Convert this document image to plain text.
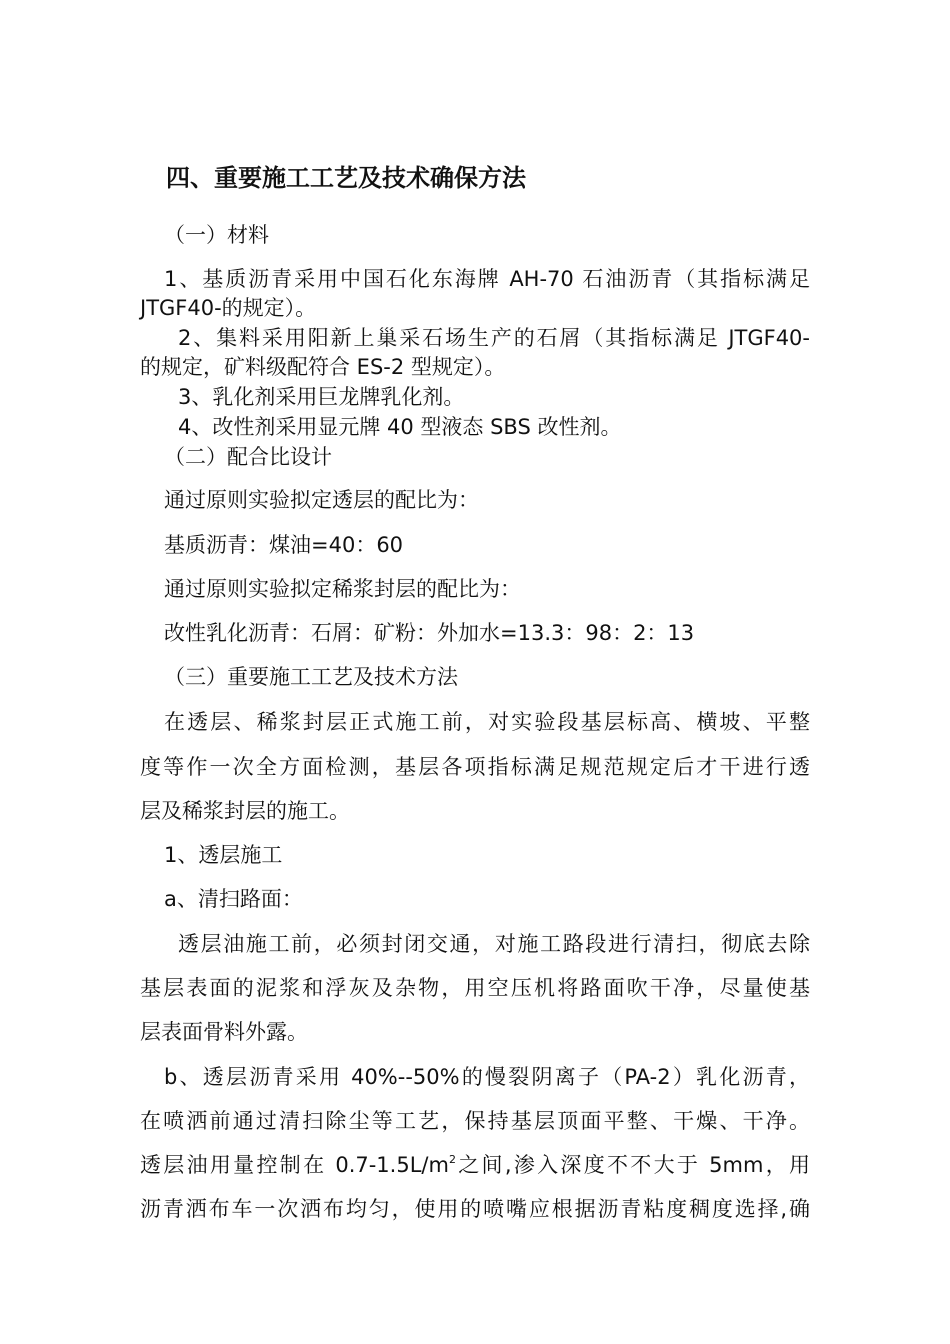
四、重要施工工艺及技术确保方法

（一）材料

1、基质沥青采用中国石化东海牌 AH-70 石油沥青（其指标满足

JTGF40-的规定）。

2、集料采用阳新上巢采石场生产的石屑（其指标满足 JTGF40-

的规定，矿料级配符合 ES-2 型规定）。

3、乳化剂采用巨龙牌乳化剂。

4、改性剂采用显元牌 40 型液态 SBS 改性剂。

（二）配合比设计

通过原则实验拟定透层的配比为：

基质沥青：煤油=40：60

通过原则实验拟定稀浆封层的配比为：

改性乳化沥青：石屑：矿粉：外加水=13.3：98：2：13

（三）重要施工工艺及技术方法

在透层、稀浆封层正式施工前，对实验段基层标高、横坡、平整

度等作一次全方面检测，基层各项指标满足规范规定后才干进行透

层及稀浆封层的施工。

1、透层施工

a、清扫路面：

透层油施工前，必须封闭交通，对施工路段进行清扫，彻底去除

基层表面的泥浆和浮灰及杂物，用空压机将路面吹干净，尽量使基

层表面骨料外露。

b、透层沥青采用 40%--50%的慢裂阴离子（PA-2）乳化沥青，

在喷洒前通过清扫除尘等工艺，保持基层顶面平整、干燥、干净。

透层油用量控制在 $0.7-1.5L/m^2$之间,渗入深度不不大于 5mm，用

沥青洒布车一次洒布均匀，使用的喷嘴应根据沥青粘度稠度选择,确
